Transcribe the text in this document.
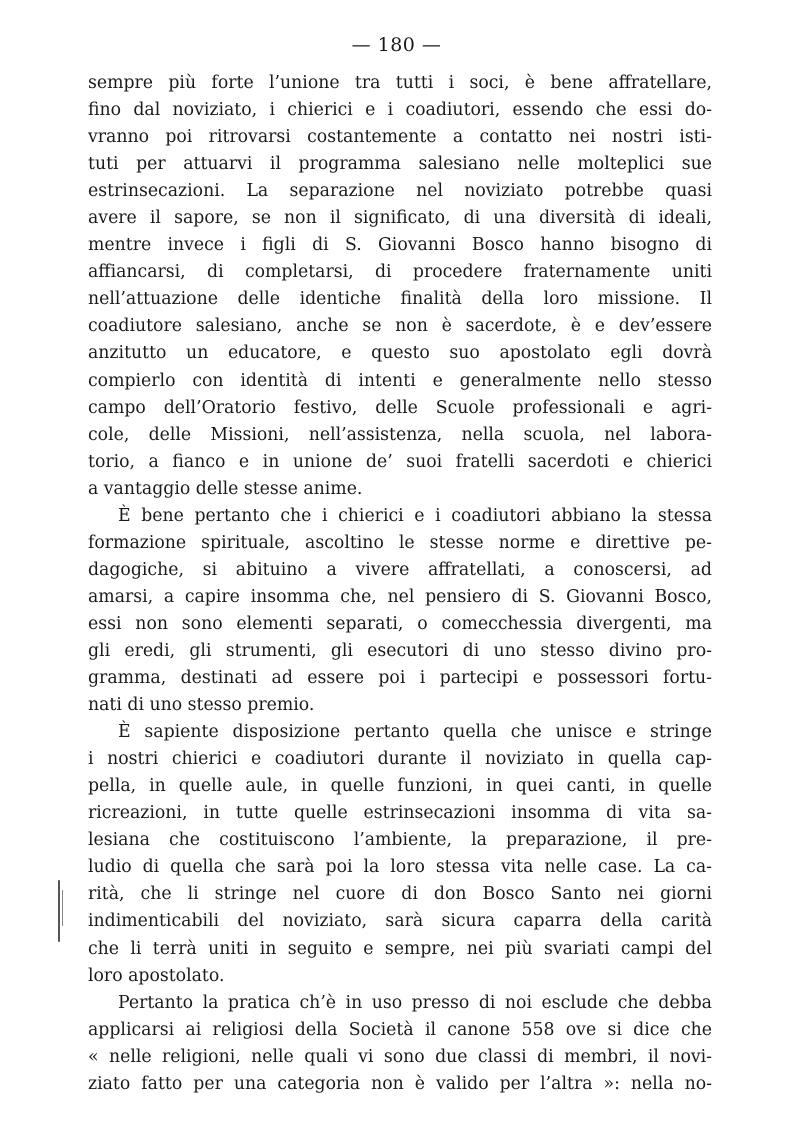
— 180 —
sempre più forte l’unione tra tutti i soci, è bene affratellare,
fino dal noviziato, i chierici e i coadiutori, essendo che essi do-
vranno poi ritrovarsi costantemente a contatto nei nostri isti-
tuti per attuarvi il programma salesiano nelle molteplici sue
estrinsecazioni. La separazione nel noviziato potrebbe quasi
avere il sapore, se non il significato, di una diversità di ideali,
mentre invece i figli di S. Giovanni Bosco hanno bisogno di
affiancarsi, di completarsi, di procedere fraternamente uniti
nell’attuazione delle identiche finalità della loro missione. Il
coadiutore salesiano, anche se non è sacerdote, è e dev’essere
anzitutto un educatore, e questo suo apostolato egli dovrà
compierlo con identità di intenti e generalmente nello stesso
campo dell’Oratorio festivo, delle Scuole professionali e agri-
cole, delle Missioni, nell’assistenza, nella scuola, nel labora-
torio, a fianco e in unione de’ suoi fratelli sacerdoti e chierici
a vantaggio delle stesse anime.
È bene pertanto che i chierici e i coadiutori abbiano la stessa
formazione spirituale, ascoltino le stesse norme e direttive pe-
dagogiche, si abituino a vivere affratellati, a conoscersi, ad
amarsi, a capire insomma che, nel pensiero di S. Giovanni Bosco,
essi non sono elementi separati, o comecchessia divergenti, ma
gli eredi, gli strumenti, gli esecutori di uno stesso divino pro-
gramma, destinati ad essere poi i partecipi e possessori fortu-
nati di uno stesso premio.
È sapiente disposizione pertanto quella che unisce e stringe
i nostri chierici e coadiutori durante il noviziato in quella cap-
pella, in quelle aule, in quelle funzioni, in quei canti, in quelle
ricreazioni, in tutte quelle estrinsecazioni insomma di vita sa-
lesiana che costituiscono l’ambiente, la preparazione, il pre-
ludio di quella che sarà poi la loro stessa vita nelle case. La ca-
rità, che li stringe nel cuore di don Bosco Santo nei giorni
indimenticabili del noviziato, sarà sicura caparra della carità
che li terrà uniti in seguito e sempre, nei più svariati campi del
loro apostolato.
Pertanto la pratica ch’è in uso presso di noi esclude che debba
applicarsi ai religiosi della Società il canone 558 ove si dice che
« nelle religioni, nelle quali vi sono due classi di membri, il novi-
ziato fatto per una categoria non è valido per l’altra »: nella no-
